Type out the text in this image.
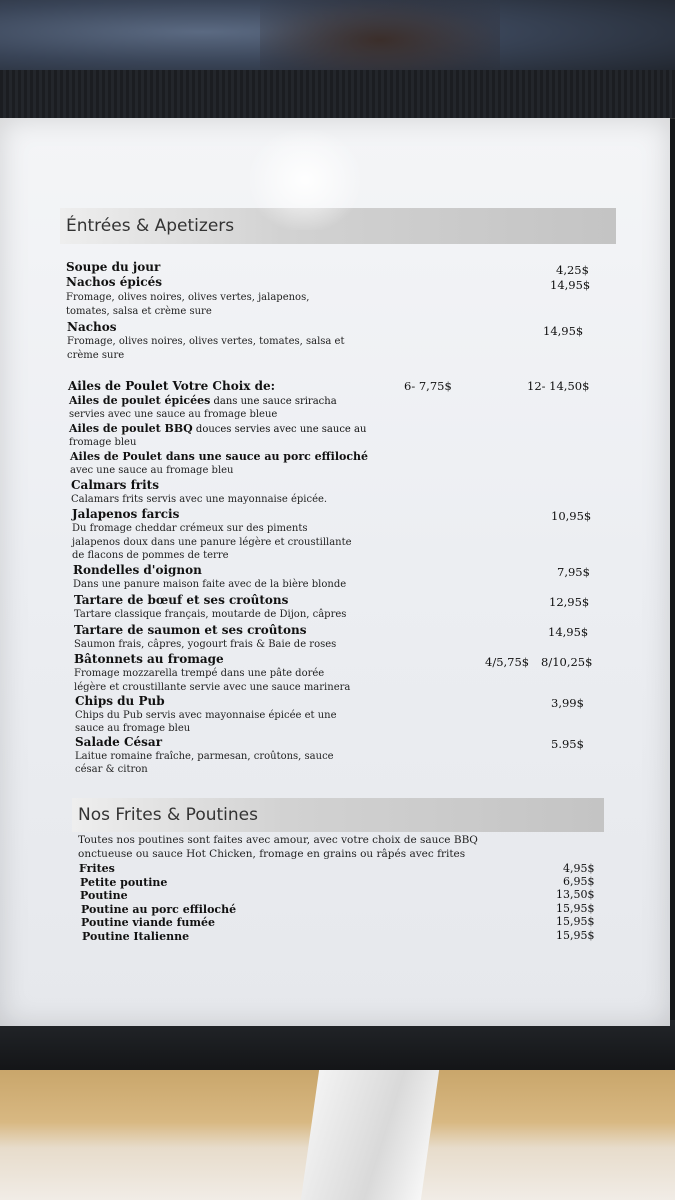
Éntrées & Apetizers
Soupe du jour	4,25$
Nachos épicés	14,95$
Fromage, olives noires, olives vertes, jalapenos,
tomates, salsa et crème sure
Nachos	14,95$
Fromage, olives noires, olives vertes, tomates, salsa et
crème sure
Ailes de Poulet Votre Choix de:	6- 7,75$	12- 14,50$
Ailes de poulet épicées dans une sauce sriracha
servies avec une sauce au fromage bleue
Ailes de poulet BBQ douces servies avec une sauce au
fromage bleu
Ailes de Poulet dans une sauce au porc effiloché
avec une sauce au fromage bleu
Calmars frits
Calamars frits servis avec une mayonnaise épicée.
Jalapenos farcis	10,95$
Du fromage cheddar crémeux sur des piments
jalapenos doux dans une panure légère et croustillante
de flacons de pommes de terre
Rondelles d'oignon	7,95$
Dans une panure maison faite avec de la bière blonde
Tartare de bœuf et ses croûtons	12,95$
Tartare classique français, moutarde de Dijon, câpres
Tartare de saumon et ses croûtons	14,95$
Saumon frais, câpres, yogourt frais & Baie de roses
Bâtonnets au fromage	4/5,75$ 8/10,25$
Fromage mozzarella trempé dans une pâte dorée
légère et croustillante servie avec une sauce marinera
Chips du Pub	3,99$
Chips du Pub servis avec mayonnaise épicée et une
sauce au fromage bleu
Salade César	5.95$
Laitue romaine fraîche, parmesan, croûtons, sauce
césar & citron
Nos Frites & Poutines
Toutes nos poutines sont faites avec amour, avec votre choix de sauce BBQ
onctueuse ou sauce Hot Chicken, fromage en grains ou râpés avec frites
Frites	4,95$
Petite poutine	6,95$
Poutine	13,50$
Poutine au porc effiloché	15,95$
Poutine viande fumée	15,95$
Poutine Italienne	15,95$
